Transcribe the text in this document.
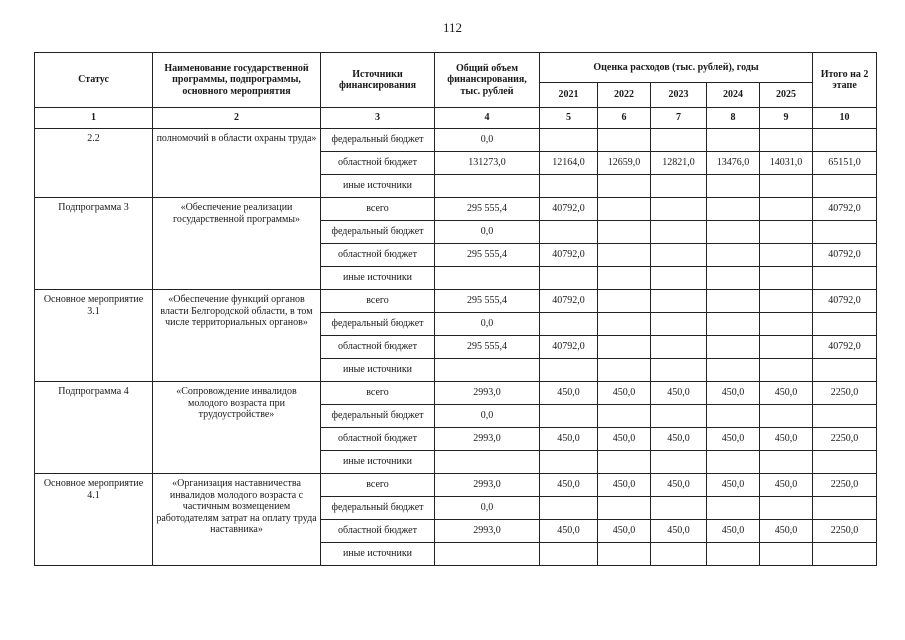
112
Статус	Наименование государственной программы, подпрограммы, основного мероприятия	Источники финансирования	Общий объем финансирования, тыс. рублей	Оценка расходов (тыс. рублей), годы					Итого на 2 этапе
				2021	2022	2023	2024	2025	
1	2	3	4	5	6	7	8	9	10
2.2	полномочий в области охраны труда»	федеральный бюджет	0,0						
		областной бюджет	131273,0	12164,0	12659,0	12821,0	13476,0	14031,0	65151,0
		иные источники							
Подпрограмма 3	«Обеспечение реализации государственной программы»	всего	295 555,4	40792,0					40792,0
		федеральный бюджет	0,0						
		областной бюджет	295 555,4	40792,0					40792,0
		иные источники							
Основное мероприятие 3.1	«Обеспечение функций органов власти Белгородской области, в том числе территориальных органов»	всего	295 555,4	40792,0					40792,0
		федеральный бюджет	0,0						
		областной бюджет	295 555,4	40792,0					40792,0
		иные источники							
Подпрограмма 4	«Сопровождение инвалидов молодого возраста при трудоустройстве»	всего	2993,0	450,0	450,0	450,0	450,0	450,0	2250,0
		федеральный бюджет	0,0						
		областной бюджет	2993,0	450,0	450,0	450,0	450,0	450,0	2250,0
		иные источники							
Основное мероприятие 4.1	«Организация наставничества инвалидов молодого возраста с частичным возмещением работодателям затрат на оплату труда наставника»	всего	2993,0	450,0	450,0	450,0	450,0	450,0	2250,0
		федеральный бюджет	0,0						
		областной бюджет	2993,0	450,0	450,0	450,0	450,0	450,0	2250,0
		иные источники							
